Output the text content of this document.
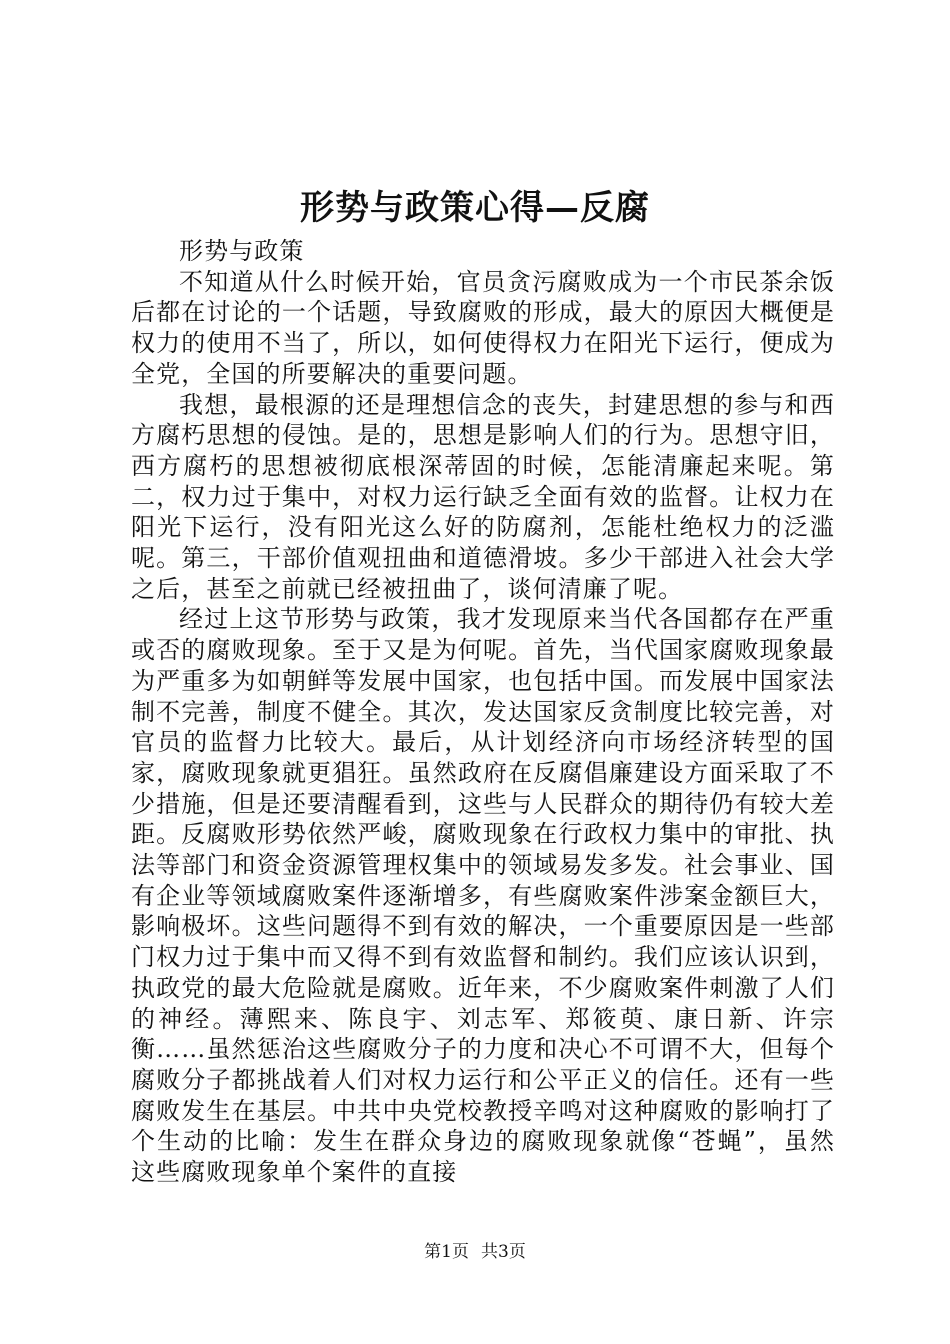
形势与政策心得—反腐

形势与政策

不知道从什么时候开始，官员贪污腐败成为一个市民茶余饭后都在讨论的一个话题，导致腐败的形成，最大的原因大概便是权力的使用不当了，所以，如何使得权力在阳光下运行，便成为全党，全国的所要解决的重要问题。

我想，最根源的还是理想信念的丧失，封建思想的参与和西方腐朽思想的侵蚀。是的，思想是影响人们的行为。思想守旧，西方腐朽的思想被彻底根深蒂固的时候，怎能清廉起来呢。第二，权力过于集中，对权力运行缺乏全面有效的监督。让权力在阳光下运行，没有阳光这么好的防腐剂，怎能杜绝权力的泛滥呢。第三，干部价值观扭曲和道德滑坡。多少干部进入社会大学之后，甚至之前就已经被扭曲了，谈何清廉了呢。

经过上这节形势与政策，我才发现原来当代各国都存在严重或否的腐败现象。至于又是为何呢。首先，当代国家腐败现象最为严重多为如朝鲜等发展中国家，也包括中国。而发展中国家法制不完善，制度不健全。其次，发达国家反贪制度比较完善，对官员的监督力比较大。最后，从计划经济向市场经济转型的国家，腐败现象就更猖狂。虽然政府在反腐倡廉建设方面采取了不少措施，但是还要清醒看到，这些与人民群众的期待仍有较大差距。反腐败形势依然严峻，腐败现象在行政权力集中的审批、执法等部门和资金资源管理权集中的领域易发多发。社会事业、国有企业等领域腐败案件逐渐增多，有些腐败案件涉案金额巨大，影响极坏。这些问题得不到有效的解决，一个重要原因是一些部门权力过于集中而又得不到有效监督和制约。我们应该认识到，执政党的最大危险就是腐败。近年来，不少腐败案件刺激了人们的神经。薄熙来、陈良宇、刘志军、郑筱萸、康日新、许宗衡……虽然惩治这些腐败分子的力度和决心不可谓不大，但每个腐败分子都挑战着人们对权力运行和公平正义的信任。还有一些腐败发生在基层。中共中央党校教授辛鸣对这种腐败的影响打了个生动的比喻：发生在群众身边的腐败现象就像“苍蝇”，虽然这些腐败现象单个案件的直接

第1页 共3页
